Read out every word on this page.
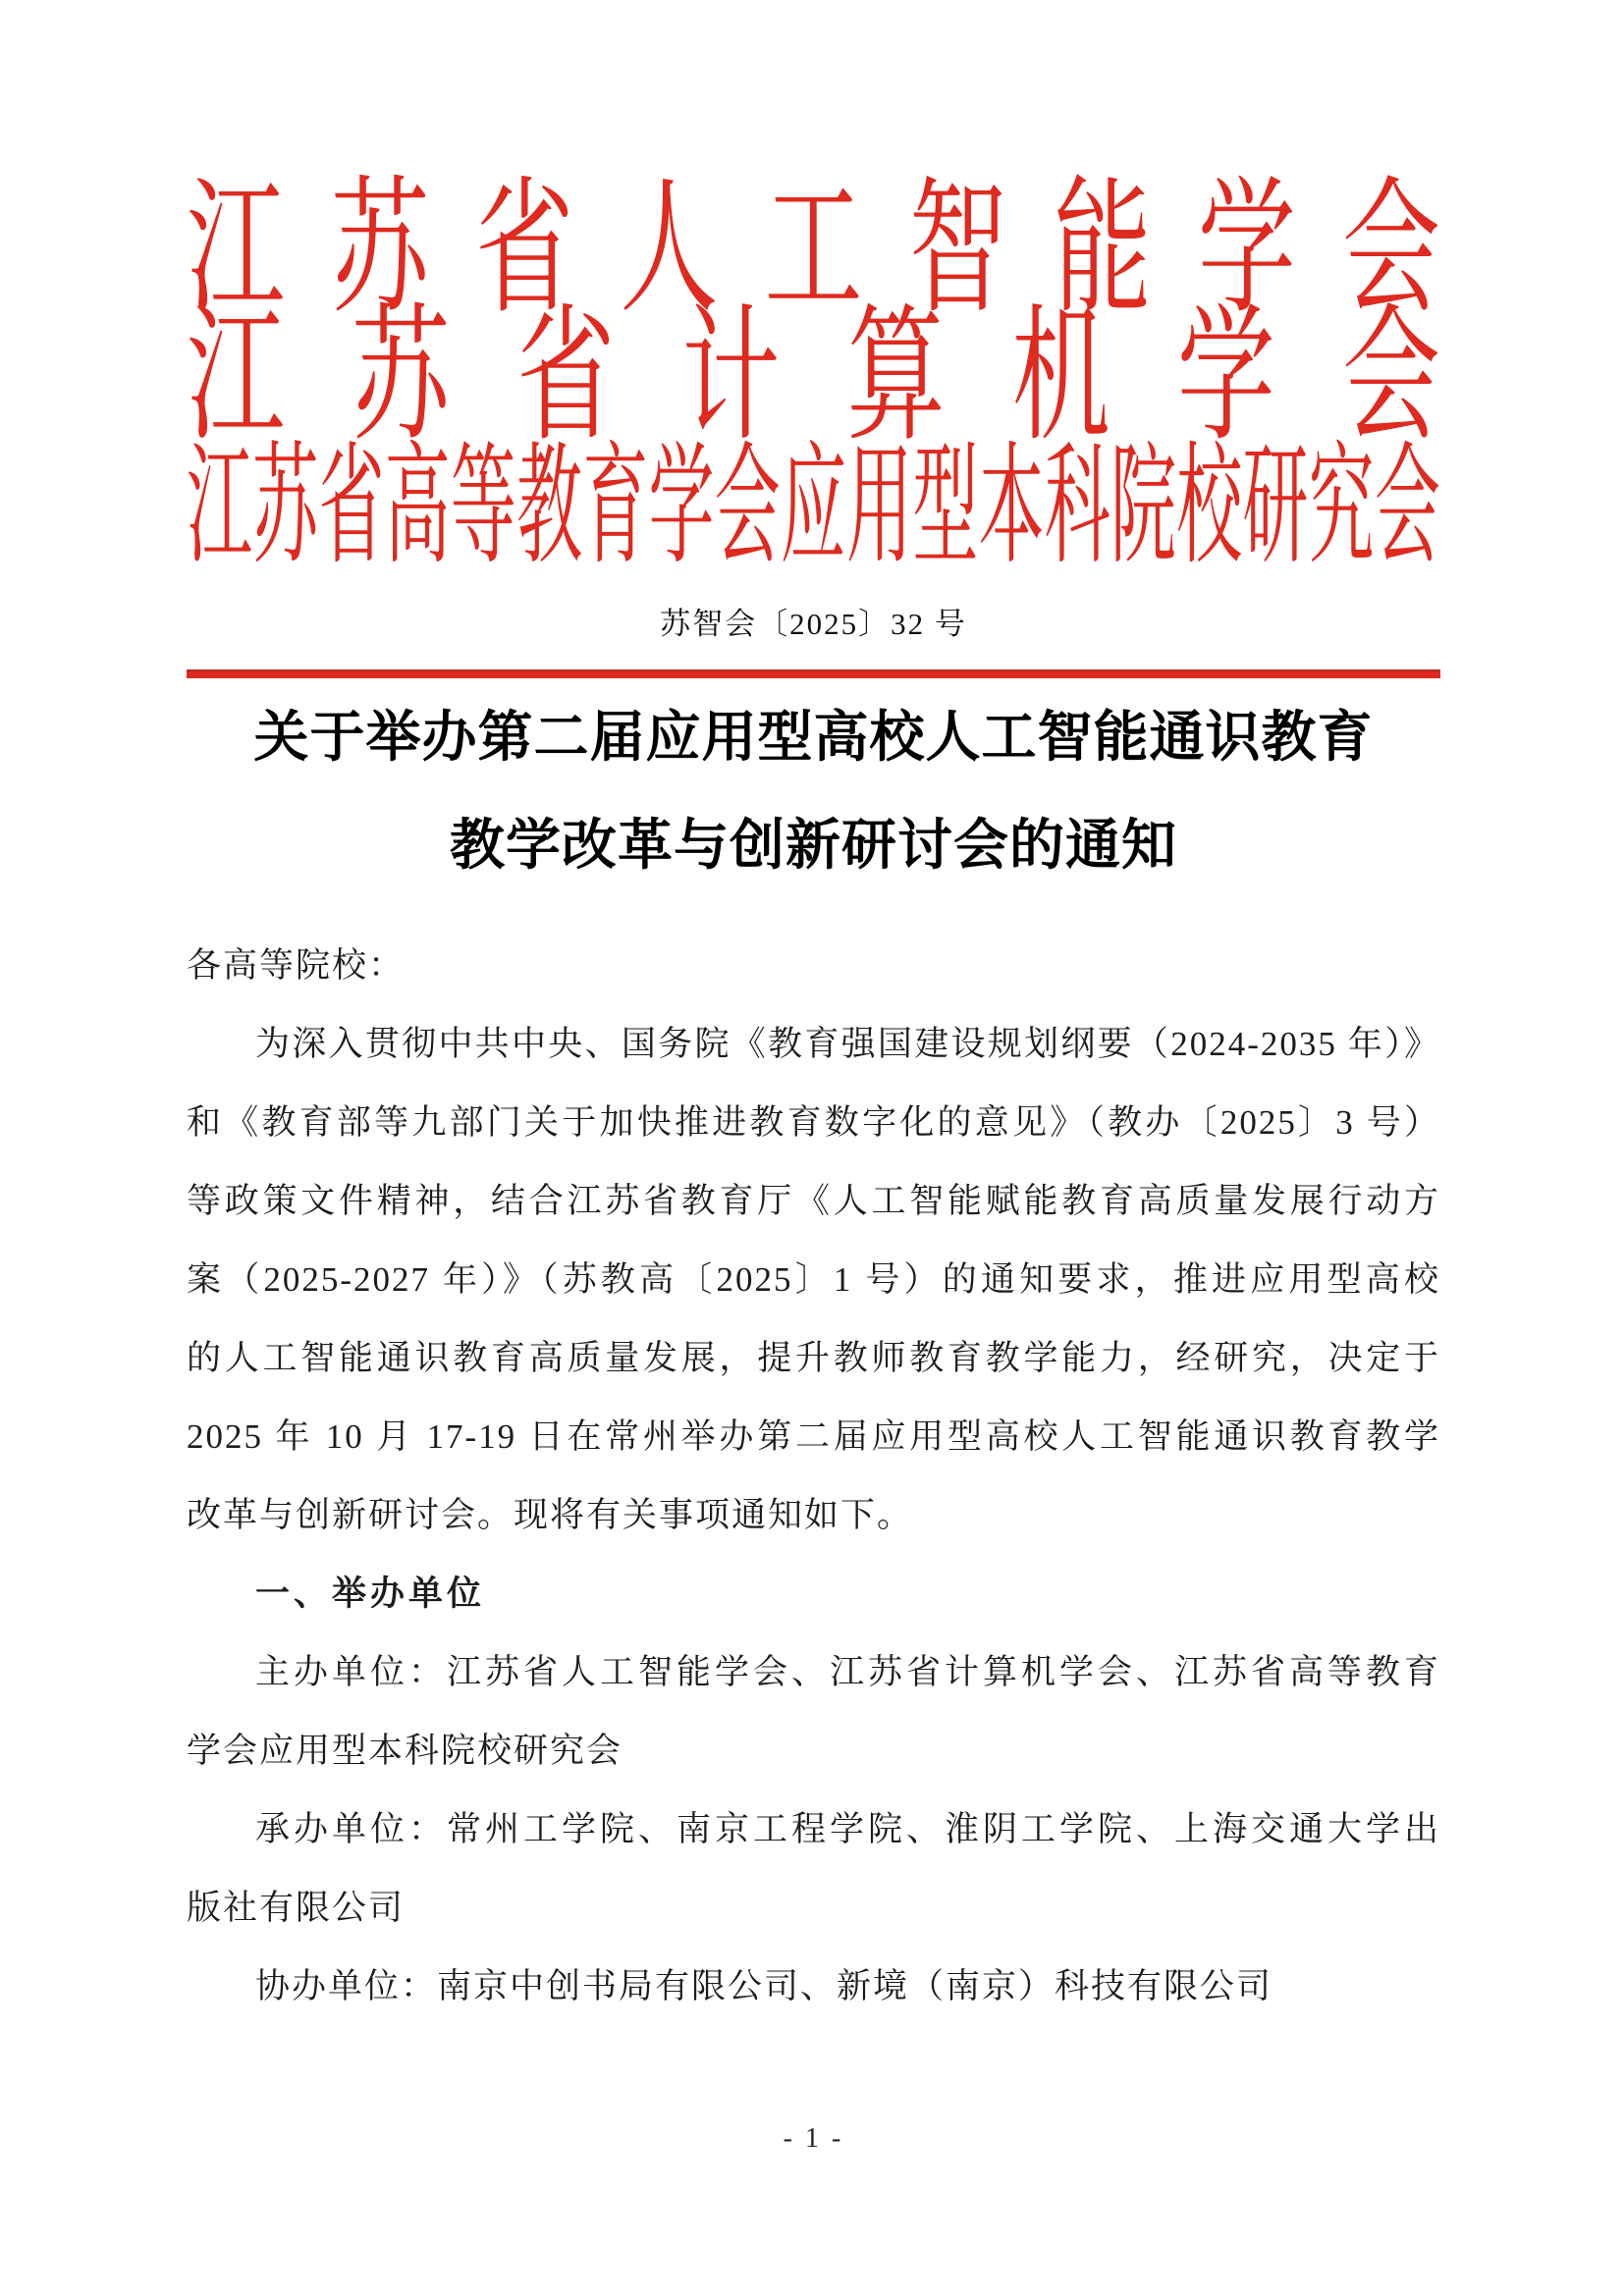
江 苏 省 人 工 智 能 学 会
江 苏 省 计 算 机 学 会
江 苏 省 高 等 教 育 学 会 应 用 型 本 科 院 校 研 究 会
苏智会〔2025〕32 号
关于举办第二届应用型高校人工智能通识教育
教学改革与创新研讨会的通知
各高等院校：
为深入贯彻中共中央、国务院《教育强国建设规划纲要（2024-2035 年）》
和《教育部等九部门关于加快推进教育数字化的意见》（教办〔2025〕3 号）
等政策文件精神，结合江苏省教育厅《人工智能赋能教育高质量发展行动方
案（2025-2027 年）》（苏教高〔2025〕1 号）的通知要求，推进应用型高校
的人工智能通识教育高质量发展，提升教师教育教学能力，经研究，决定于
2025 年 10 月 17-19 日在常州举办第二届应用型高校人工智能通识教育教学
改革与创新研讨会。现将有关事项通知如下。
一、举办单位
主办单位：江苏省人工智能学会、江苏省计算机学会、江苏省高等教育
学会应用型本科院校研究会
承办单位：常州工学院、南京工程学院、淮阴工学院、上海交通大学出
版社有限公司
协办单位：南京中创书局有限公司、新境（南京）科技有限公司
- 1 -
